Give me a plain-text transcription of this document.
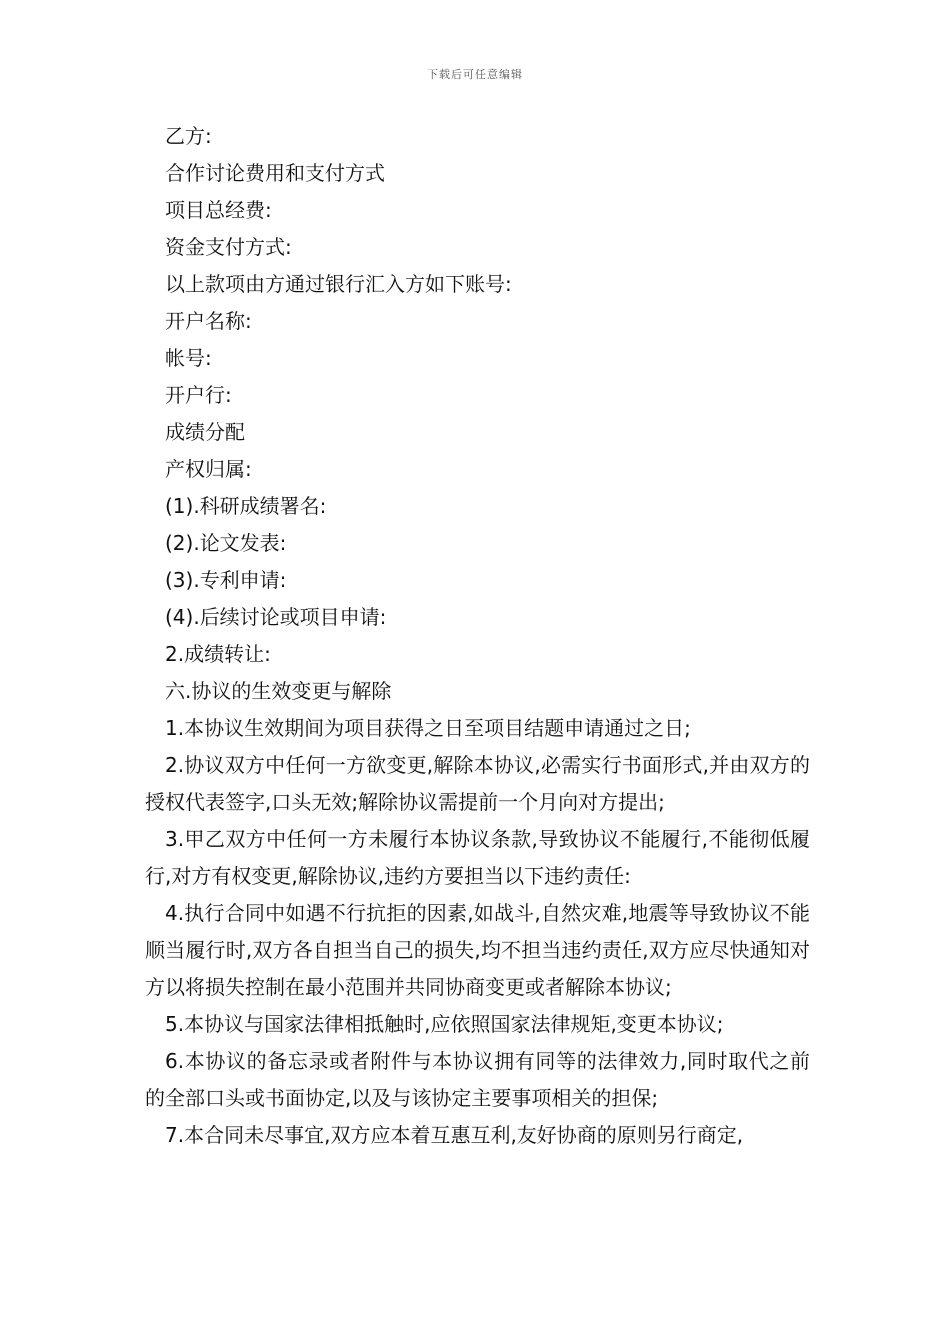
下载后可任意编辑

乙方:

合作讨论费用和支付方式

项目总经费:

资金支付方式:

以上款项由方通过银行汇入方如下账号:

开户名称:

帐号:

开户行:

成绩分配

产权归属:

(1).科研成绩署名:

(2).论文发表:

(3).专利申请:

(4).后续讨论或项目申请:

2.成绩转让:

六.协议的生效变更与解除

1.本协议生效期间为项目获得之日至项目结题申请通过之日;

2.协议双方中任何一方欲变更,解除本协议,必需实行书面形式,并由双方的授权代表签字,口头无效;解除协议需提前一个月向对方提出;

3.甲乙双方中任何一方未履行本协议条款,导致协议不能履行,不能彻低履行,对方有权变更,解除协议,违约方要担当以下违约责任:

4.执行合同中如遇不行抗拒的因素,如战斗,自然灾难,地震等导致协议不能顺当履行时,双方各自担当自己的损失,均不担当违约责任,双方应尽快通知对方以将损失控制在最小范围并共同协商变更或者解除本协议;

5.本协议与国家法律相抵触时,应依照国家法律规矩,变更本协议;

6.本协议的备忘录或者附件与本协议拥有同等的法律效力,同时取代之前的全部口头或书面协定,以及与该协定主要事项相关的担保;

7.本合同未尽事宜,双方应本着互惠互利,友好协商的原则另行商定,
